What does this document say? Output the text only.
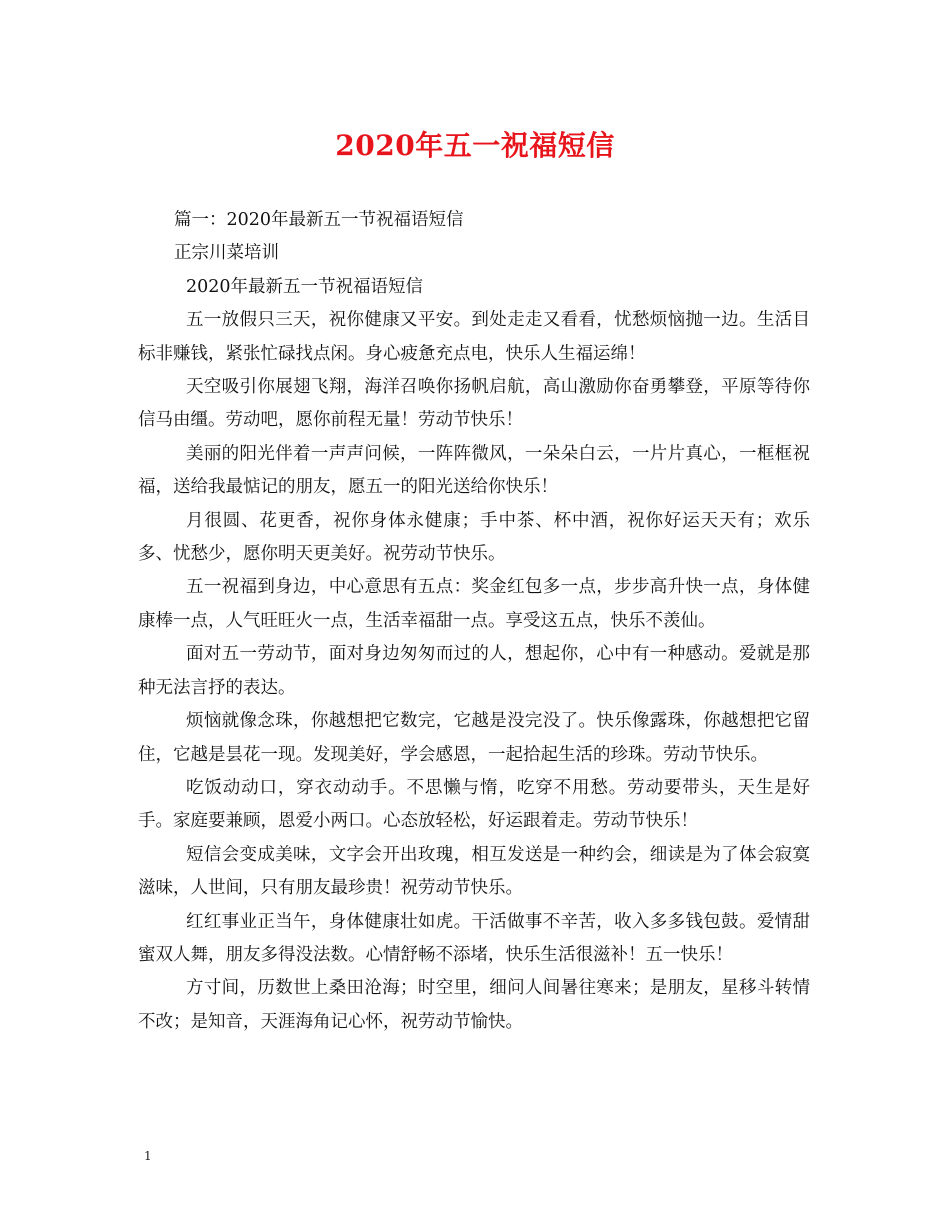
2020年五一祝福短信

篇一：2020年最新五一节祝福语短信

正宗川菜培训

2020年最新五一节祝福语短信

五一放假只三天，祝你健康又平安。到处走走又看看，忧愁烦恼抛一边。生活目标非赚钱，紧张忙碌找点闲。身心疲惫充点电，快乐人生福运绵！

天空吸引你展翅飞翔，海洋召唤你扬帆启航，高山激励你奋勇攀登，平原等待你信马由缰。劳动吧，愿你前程无量！劳动节快乐！

美丽的阳光伴着一声声问候，一阵阵微风，一朵朵白云，一片片真心，一框框祝福，送给我最惦记的朋友，愿五一的阳光送给你快乐！

月很圆、花更香，祝你身体永健康；手中茶、杯中酒，祝你好运天天有；欢乐多、忧愁少，愿你明天更美好。祝劳动节快乐。

五一祝福到身边，中心意思有五点：奖金红包多一点，步步高升快一点，身体健康棒一点，人气旺旺火一点，生活幸福甜一点。享受这五点，快乐不羡仙。

面对五一劳动节，面对身边匆匆而过的人，想起你，心中有一种感动。爱就是那种无法言抒的表达。

烦恼就像念珠，你越想把它数完，它越是没完没了。快乐像露珠，你越想把它留住，它越是昙花一现。发现美好，学会感恩，一起拾起生活的珍珠。劳动节快乐。

吃饭动动口，穿衣动动手。不思懒与惰，吃穿不用愁。劳动要带头，天生是好手。家庭要兼顾，恩爱小两口。心态放轻松，好运跟着走。劳动节快乐！

短信会变成美味，文字会开出玫瑰，相互发送是一种约会，细读是为了体会寂寞滋味，人世间，只有朋友最珍贵！祝劳动节快乐。

红红事业正当午，身体健康壮如虎。干活做事不辛苦，收入多多钱包鼓。爱情甜蜜双人舞，朋友多得没法数。心情舒畅不添堵，快乐生活很滋补！五一快乐！

方寸间，历数世上桑田沧海；时空里，细问人间暑往寒来；是朋友，星移斗转情不改；是知音，天涯海角记心怀，祝劳动节愉快。

1
